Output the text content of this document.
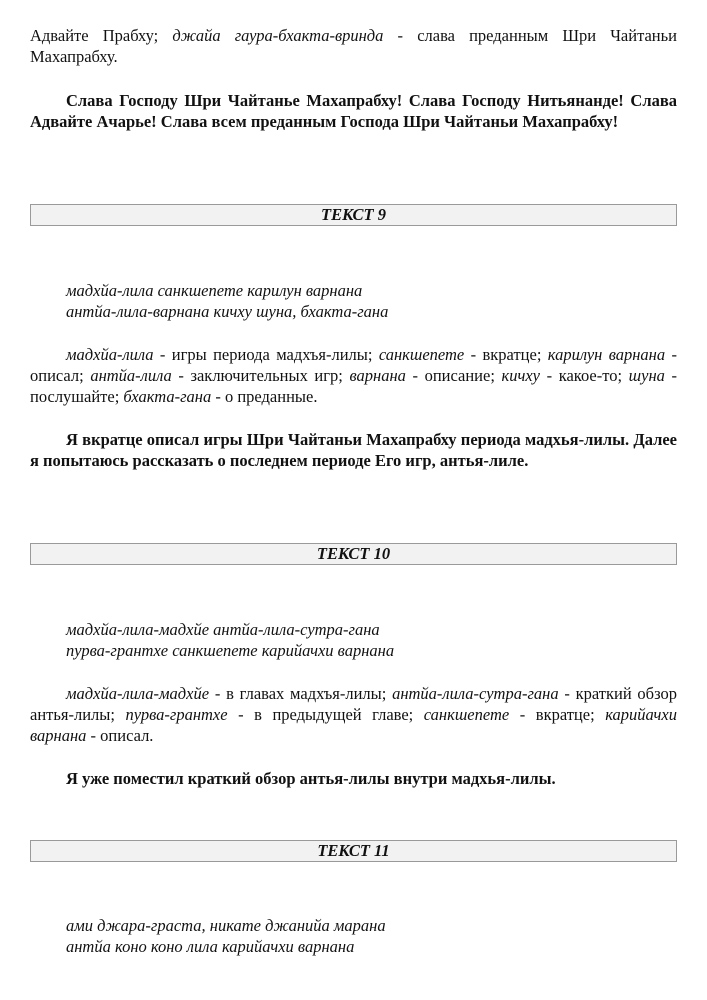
Адвайте Прабху; джайа гаура-бхакта-вринда - слава преданным Шри Чайтаньи Махапрабху.

Слава Господу Шри Чайтанье Махапрабху! Слава Господу Нитьянанде! Слава Адвайте Ачарье! Слава всем преданным Господа Шри Чайтаньи Махапрабху!

ТЕКСТ 9
мадхйа-лила санкшепете карилун варнана
антйа-лила-варнана кичху шуна, бхакта-гана

мадхйа-лила - игры периода мадхъя-лилы; санкшепете - вкратце; карилун варнана - описал; антйа-лила - заключительных игр; варнана - описание; кичху - какое-то; шуна - послушайте; бхакта-гана - о преданные.

Я вкратце описал игры Шри Чайтаньи Махапрабху периода мадхья-лилы. Далее я попытаюсь рассказать о последнем периоде Его игр, антья-лиле.

ТЕКСТ 10
мадхйа-лила-мадхйе антйа-лила-сутра-гана
пурва-грантхе санкшепете карийачхи варнана

мадхйа-лила-мадхйе - в главах мадхъя-лилы; антйа-лила-сутра-гана - краткий обзор антья-лилы; пурва-грантхе - в предыдущей главе; санкшепете - вкратце; карийачхи варнана - описал.

Я уже поместил краткий обзор антья-лилы внутри мадхья-лилы.

ТЕКСТ 11
ами джара-граста, никате джанийа марана
антйа коно коно лила карийачхи варнана
